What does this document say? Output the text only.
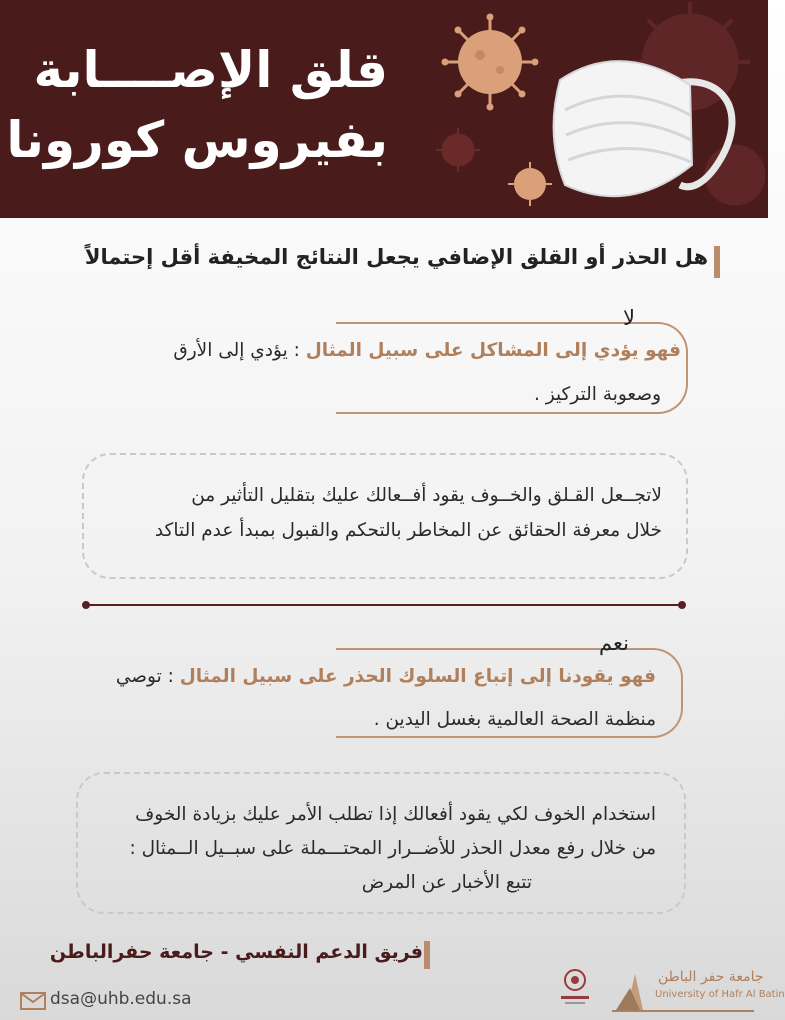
قلق الإصــــابة
بفيروس كورونا
هل الحذر أو القلق الإضافي يجعل النتائج المخيفة أقل إحتمالاً
لا
فهو يؤدي إلى المشاكل على سبيل المثال : يؤدي إلى الأرق
وصعوبة التركيز .
لاتجــعل القـلق والخــوف يقود أفــعالك عليك بتقليل التأثير من
خلال معرفة الحقائق عن المخاطر بالتحكم والقبول بمبدأ عدم التاكد
نعم
فهو يقودنا إلى إتباع السلوك الحذر على سبيل المثال : توصي
منظمة الصحة العالمية بغسل اليدين .
استخدام الخوف لكي يقود أفعالك إذا تطلب الأمر عليك بزيادة الخوف
من خلال رفع معدل الحذر للأضــرار المحتـــملة على سبــيل الــمثال :
تتبع الأخبار عن المرض
فريق الدعم النفسي - جامعة حفرالباطن
dsa@uhb.edu.sa
جامعة حفر الباطن
University of Hafr Al Batin
